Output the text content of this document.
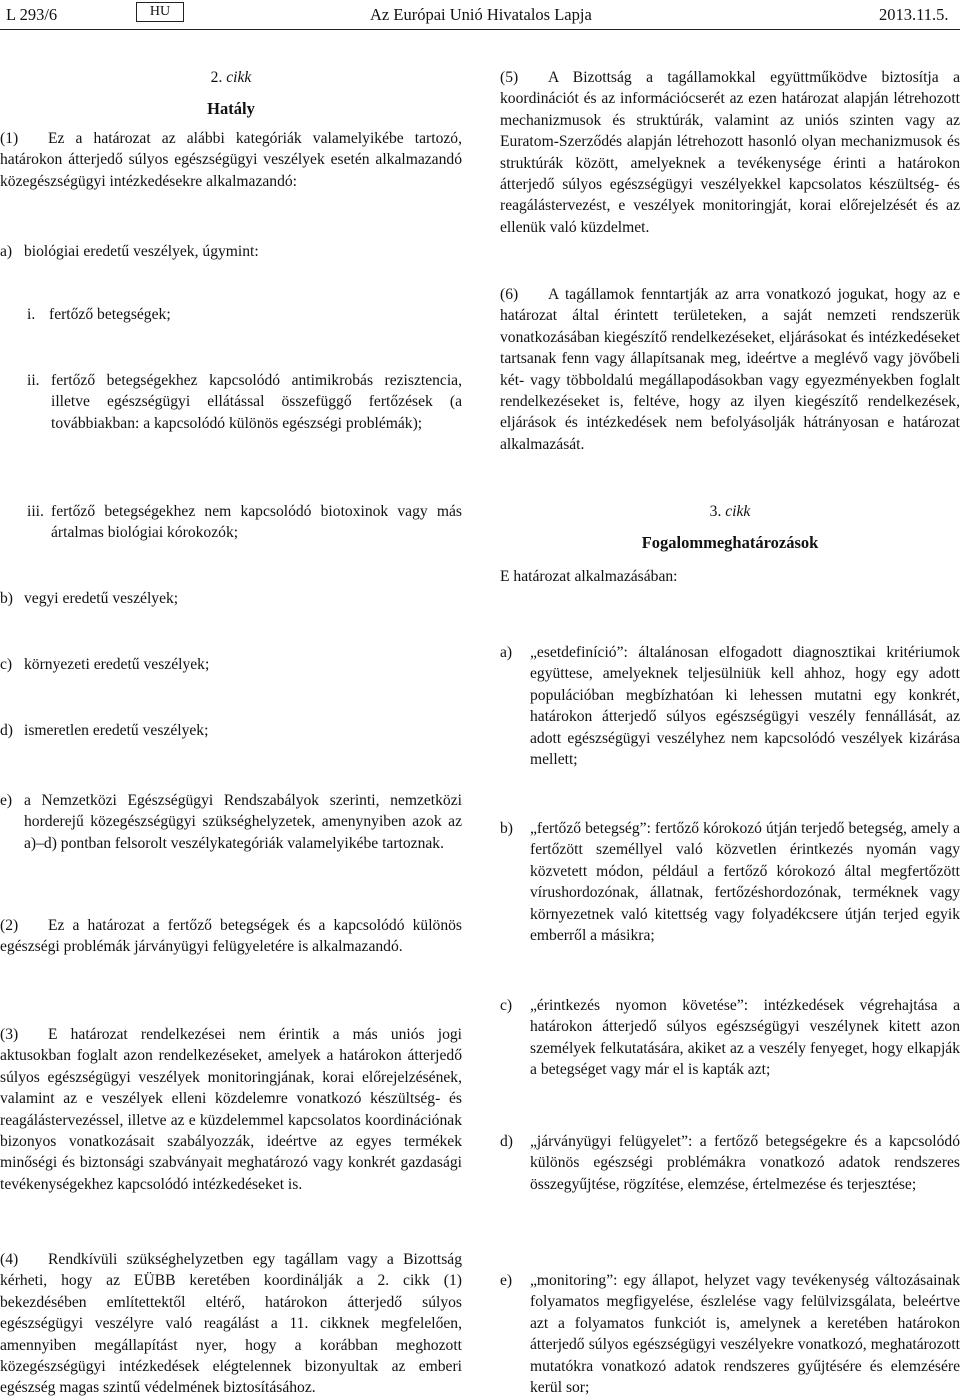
L 293/6	HU	Az Európai Unió Hivatalos Lapja	2013.11.5.
2. cikk
Hatály
(1) Ez a határozat az alábbi kategóriák valamelyikébe tartozó, határokon átterjedő súlyos egészségügyi veszélyek esetén alkalmazandó közegészségügyi intézkedésekre alkalmazandó:
a) biológiai eredetű veszélyek, úgymint:
i. fertőző betegségek;
ii. fertőző betegségekhez kapcsolódó antimikrobás rezisztencia, illetve egészségügyi ellátással összefüggő fertőzések (a továbbiakban: a kapcsolódó különös egészségi problémák);
iii. fertőző betegségekhez nem kapcsolódó biotoxinok vagy más ártalmas biológiai kórokozók;
b) vegyi eredetű veszélyek;
c) környezeti eredetű veszélyek;
d) ismeretlen eredetű veszélyek;
e) a Nemzetközi Egészségügyi Rendszabályok szerinti, nemzetközi horderejű közegészségügyi szükséghelyzetek, amenynyiben azok az a)–d) pontban felsorolt veszélykategóriák valamelyikébe tartoznak.
(2) Ez a határozat a fertőző betegségek és a kapcsolódó különös egészségi problémák járványügyi felügyeletére is alkalmazandó.
(3) E határozat rendelkezései nem érintik a más uniós jogi aktusokban foglalt azon rendelkezéseket, amelyek a határokon átterjedő súlyos egészségügyi veszélyek monitoringjának, korai előrejelzésének, valamint az e veszélyek elleni közdelemre vonatkozó készültség- és reagálástervezéssel, illetve az e küzdelemmel kapcsolatos koordinációnak bizonyos vonatkozásait szabályozzák, ideértve az egyes termékek minőségi és biztonsági szabványait meghatározó vagy konkrét gazdasági tevékenységekhez kapcsolódó intézkedéseket is.
(4) Rendkívüli szükséghelyzetben egy tagállam vagy a Bizottság kérheti, hogy az EÜBB keretében koordinálják a 2. cikk (1) bekezdésében említettektől eltérő, határokon átterjedő súlyos egészségügyi veszélyre való reagálást a 11. cikknek megfelelően, amennyiben megállapítást nyer, hogy a korábban meghozott közegészségügyi intézkedések elégtelennek bizonyultak az emberi egészség magas szintű védelmének biztosításához.
(5) A Bizottság a tagállamokkal együttműködve biztosítja a koordinációt és az információcserét az ezen határozat alapján létrehozott mechanizmusok és struktúrák, valamint az uniós szinten vagy az Euratom-Szerződés alapján létrehozott hasonló olyan mechanizmusok és struktúrák között, amelyeknek a tevékenysége érinti a határokon átterjedő súlyos egészségügyi veszélyekkel kapcsolatos készültség- és reagálástervezést, e veszélyek monitoringját, korai előrejelzését és az ellenük való küzdelmet.
(6) A tagállamok fenntartják az arra vonatkozó jogukat, hogy az e határozat által érintett területeken, a saját nemzeti rendszerük vonatkozásában kiegészítő rendelkezéseket, eljárásokat és intézkedéseket tartsanak fenn vagy állapítsanak meg, ideértve a meglévő vagy jövőbeli két- vagy többoldalú megállapodásokban vagy egyezményekben foglalt rendelkezéseket is, feltéve, hogy az ilyen kiegészítő rendelkezések, eljárások és intézkedések nem befolyásolják hátrányosan e határozat alkalmazását.
3. cikk
Fogalommeghatározások
E határozat alkalmazásában:
a)	„esetdefiníció”: általánosan elfogadott diagnosztikai kritériumok együttese, amelyeknek teljesülniük kell ahhoz, hogy egy adott populációban megbízhatóan ki lehessen mutatni egy konkrét, határokon átterjedő súlyos egészségügyi veszély fennállását, az adott egészségügyi veszélyhez nem kapcsolódó veszélyek kizárása mellett;
b)	„fertőző betegség”: fertőző kórokozó útján terjedő betegség, amely a fertőzött személlyel való közvetlen érintkezés nyomán vagy közvetett módon, például a fertőző kórokozó által megfertőzött vírushordozónak, állatnak, fertőzéshordozónak, terméknek vagy környezetnek való kitettség vagy folyadékcsere útján terjed egyik emberről a másikra;
c)	„érintkezés nyomon követése”: intézkedések végrehajtása a határokon átterjedő súlyos egészségügyi veszélynek kitett azon személyek felkutatására, akiket az a veszély fenyeget, hogy elkapják a betegséget vagy már el is kapták azt;
d)	„járványügyi felügyelet”: a fertőző betegségekre és a kapcsolódó különös egészségi problémákra vonatkozó adatok rendszeres összegyűjtése, rögzítése, elemzése, értelmezése és terjesztése;
e)	„monitoring”: egy állapot, helyzet vagy tevékenység változásainak folyamatos megfigyelése, észlelése vagy felülvizsgálata, beleértve azt a folyamatos funkciót is, amelynek a keretében határokon átterjedő súlyos egészségügyi veszélyekre vonatkozó, meghatározott mutatókra vonatkozó adatok rendszeres gyűjtésére és elemzésére kerül sor;
